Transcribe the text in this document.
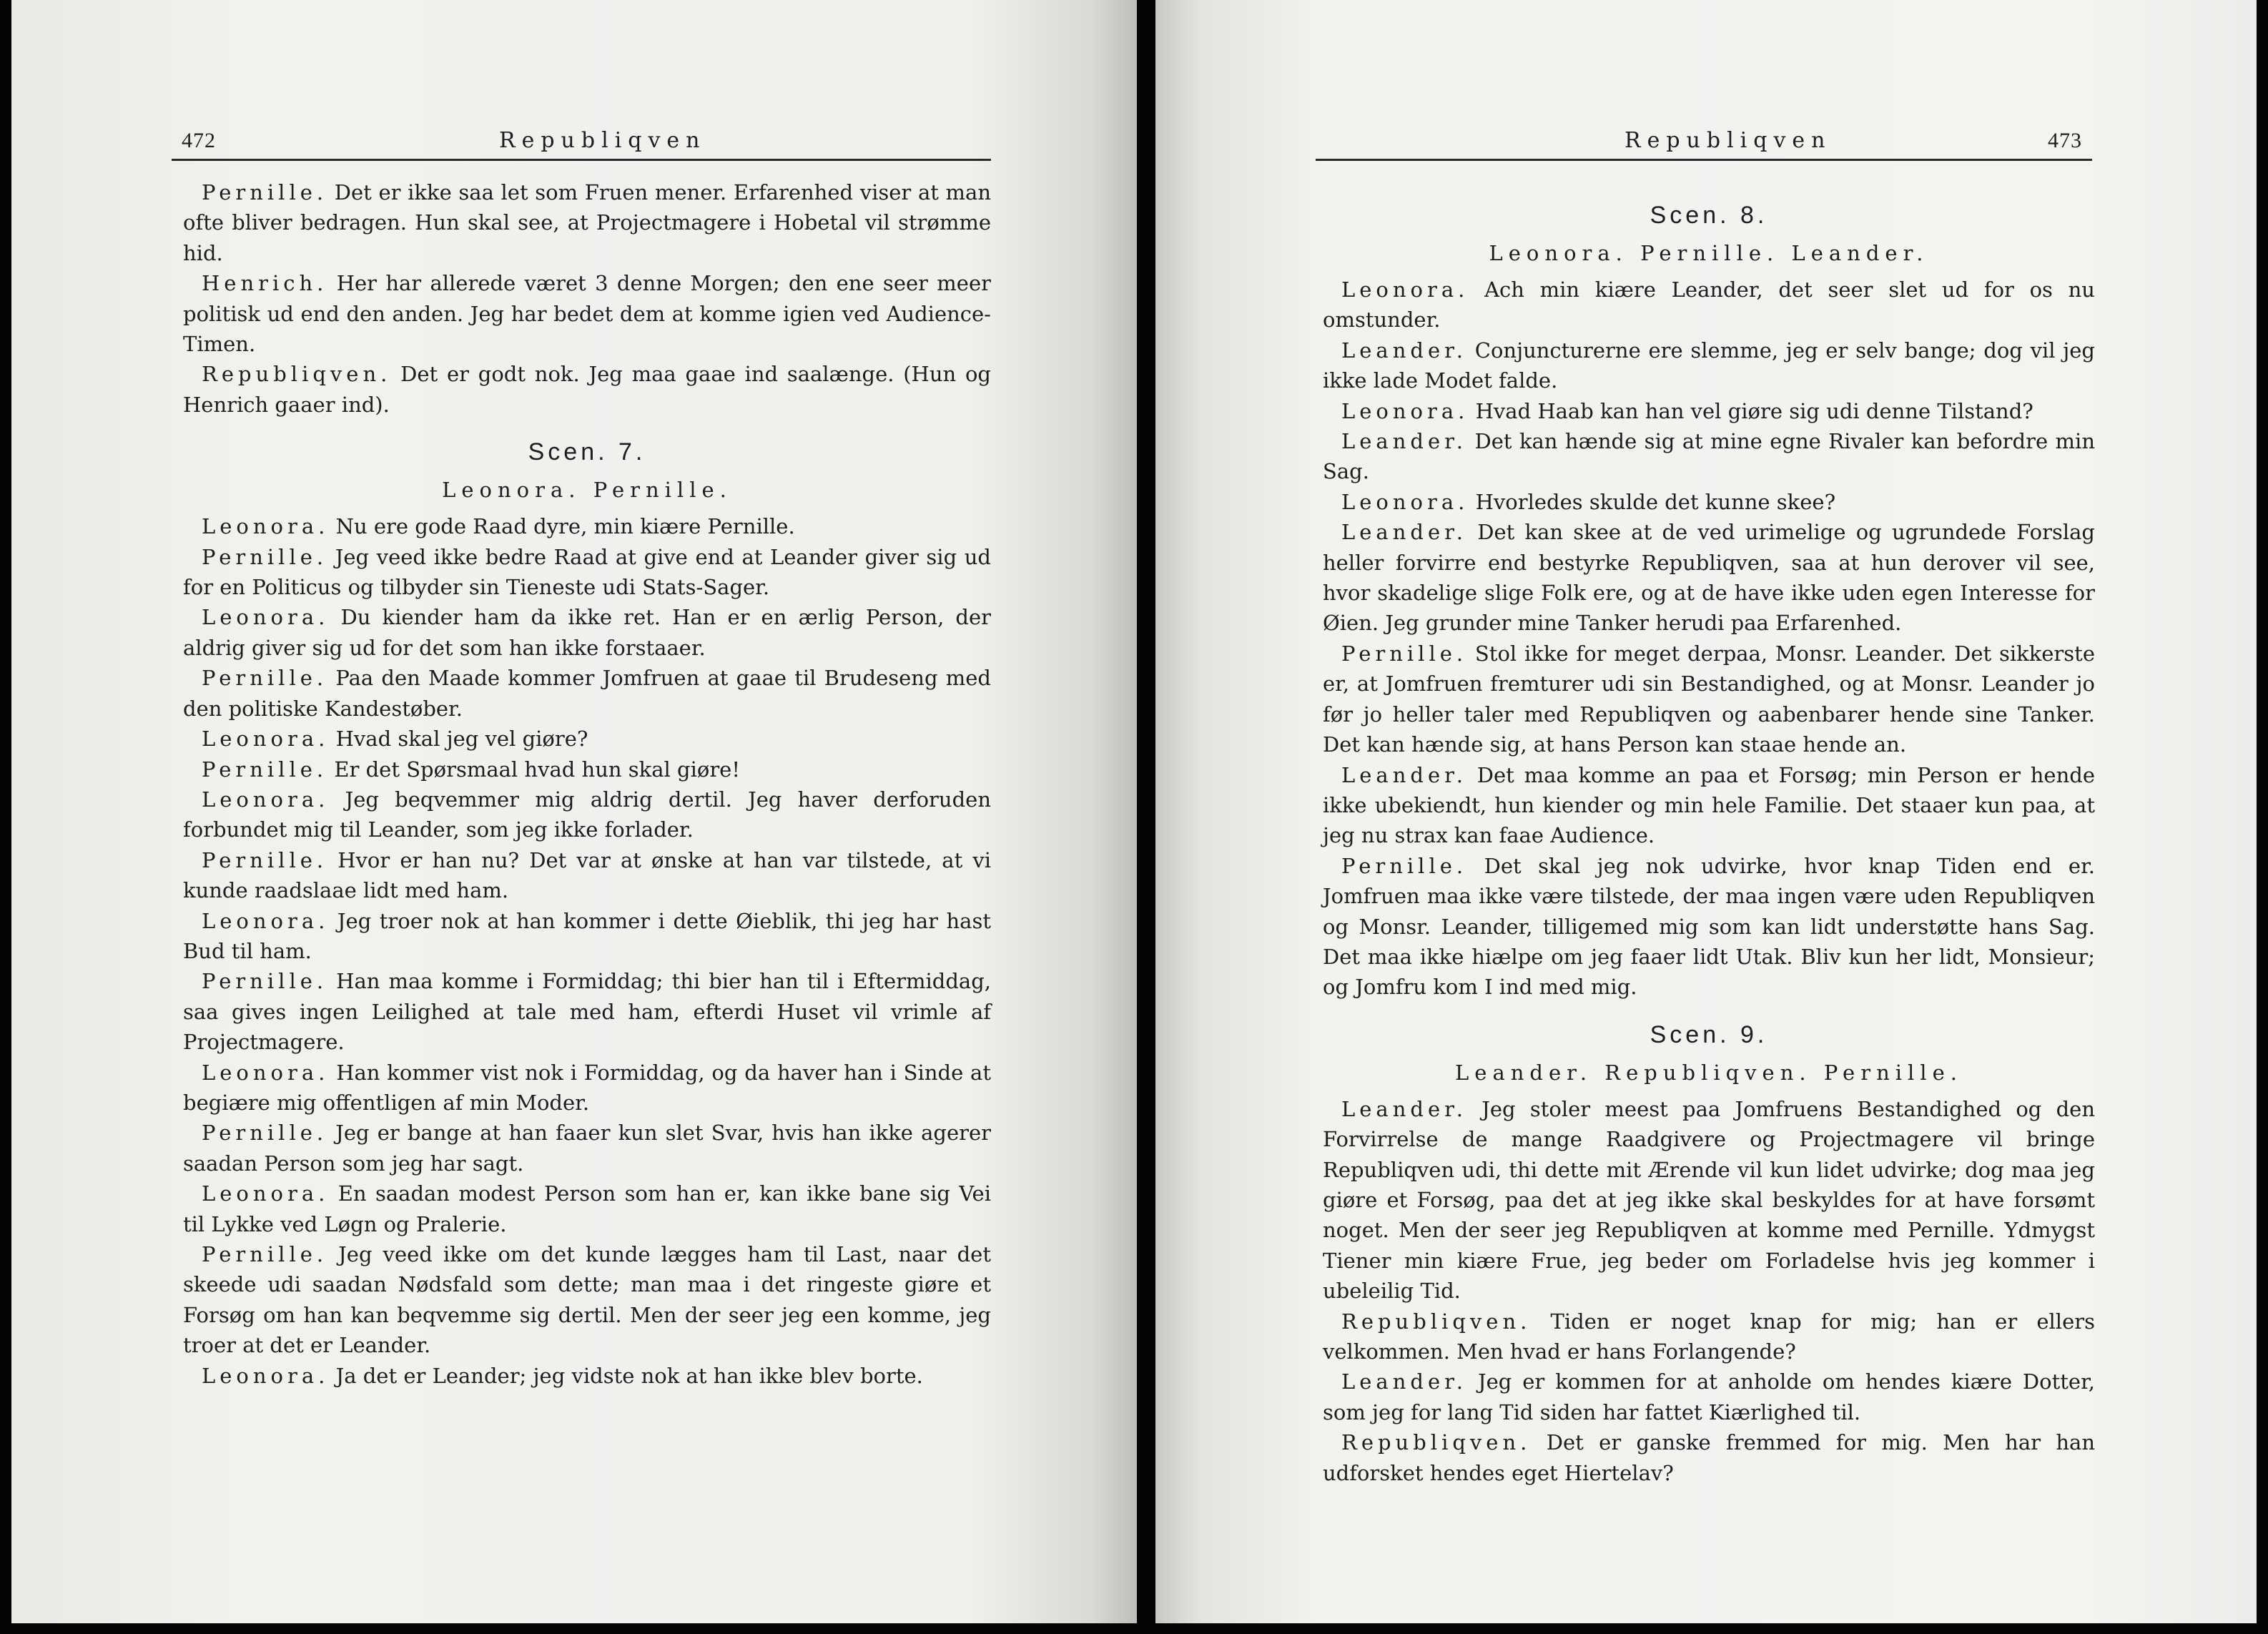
472	Republiqven

Pernille. Det er ikke saa let som Fruen mener. Erfarenhed viser at man ofte bliver bedragen. Hun skal see, at Projectmagere i Hobetal vil strømme hid.

Henrich. Her har allerede været 3 denne Morgen; den ene seer meer politisk ud end den anden. Jeg har bedet dem at komme igien ved Audience-Timen.

Republiqven. Det er godt nok. Jeg maa gaae ind saalænge. (Hun og Henrich gaaer ind).

Scen. 7.
Leonora. Pernille.

Leonora. Nu ere gode Raad dyre, min kiære Pernille.

Pernille. Jeg veed ikke bedre Raad at give end at Leander giver sig ud for en Politicus og tilbyder sin Tieneste udi Stats-Sager.

Leonora. Du kiender ham da ikke ret. Han er en ærlig Person, der aldrig giver sig ud for det som han ikke forstaaer.

Pernille. Paa den Maade kommer Jomfruen at gaae til Brudeseng med den politiske Kandestøber.

Leonora. Hvad skal jeg vel giøre?

Pernille. Er det Spørsmaal hvad hun skal giøre!

Leonora. Jeg beqvemmer mig aldrig dertil. Jeg haver derforuden forbundet mig til Leander, som jeg ikke forlader.

Pernille. Hvor er han nu? Det var at ønske at han var tilstede, at vi kunde raadslaae lidt med ham.

Leonora. Jeg troer nok at han kommer i dette Øieblik, thi jeg har hast Bud til ham.

Pernille. Han maa komme i Formiddag; thi bier han til i Eftermiddag, saa gives ingen Leilighed at tale med ham, efterdi Huset vil vrimle af Projectmagere.

Leonora. Han kommer vist nok i Formiddag, og da haver han i Sinde at begiære mig offentligen af min Moder.

Pernille. Jeg er bange at han faaer kun slet Svar, hvis han ikke agerer saadan Person som jeg har sagt.

Leonora. En saadan modest Person som han er, kan ikke bane sig Vei til Lykke ved Løgn og Pralerie.

Pernille. Jeg veed ikke om det kunde lægges ham til Last, naar det skeede udi saadan Nødsfald som dette; man maa i det ringeste giøre et Forsøg om han kan beqvemme sig dertil. Men der seer jeg een komme, jeg troer at det er Leander.

Leonora. Ja det er Leander; jeg vidste nok at han ikke blev borte.

Republiqven	473
Scen. 8.
Leonora. Pernille. Leander.

Leonora. Ach min kiære Leander, det seer slet ud for os nu omstunder.

Leander. Conjuncturerne ere slemme, jeg er selv bange; dog vil jeg ikke lade Modet falde.

Leonora. Hvad Haab kan han vel giøre sig udi denne Tilstand?

Leander. Det kan hænde sig at mine egne Rivaler kan befordre min Sag.

Leonora. Hvorledes skulde det kunne skee?

Leander. Det kan skee at de ved urimelige og ugrundede Forslag heller forvirre end bestyrke Republiqven, saa at hun derover vil see, hvor skadelige slige Folk ere, og at de have ikke uden egen Interesse for Øien. Jeg grunder mine Tanker herudi paa Erfarenhed.

Pernille. Stol ikke for meget derpaa, Monsr. Leander. Det sikkerste er, at Jomfruen fremturer udi sin Bestandighed, og at Monsr. Leander jo før jo heller taler med Republiqven og aabenbarer hende sine Tanker. Det kan hænde sig, at hans Person kan staae hende an.

Leander. Det maa komme an paa et Forsøg; min Person er hende ikke ubekiendt, hun kiender og min hele Familie. Det staaer kun paa, at jeg nu strax kan faae Audience.

Pernille. Det skal jeg nok udvirke, hvor knap Tiden end er. Jomfruen maa ikke være tilstede, der maa ingen være uden Republiqven og Monsr. Leander, tilligemed mig som kan lidt understøtte hans Sag. Det maa ikke hiælpe om jeg faaer lidt Utak. Bliv kun her lidt, Monsieur; og Jomfru kom I ind med mig.

Scen. 9.
Leander. Republiqven. Pernille.

Leander. Jeg stoler meest paa Jomfruens Bestandighed og den Forvirrelse de mange Raadgivere og Projectmagere vil bringe Republiqven udi, thi dette mit Ærende vil kun lidet udvirke; dog maa jeg giøre et Forsøg, paa det at jeg ikke skal beskyldes for at have forsømt noget. Men der seer jeg Republiqven at komme med Pernille. Ydmygst Tiener min kiære Frue, jeg beder om Forladelse hvis jeg kommer i ubeleilig Tid.

Republiqven. Tiden er noget knap for mig; han er ellers velkommen. Men hvad er hans Forlangende?

Leander. Jeg er kommen for at anholde om hendes kiære Dotter, som jeg for lang Tid siden har fattet Kiærlighed til.

Republiqven. Det er ganske fremmed for mig. Men har han udforsket hendes eget Hiertelav?
